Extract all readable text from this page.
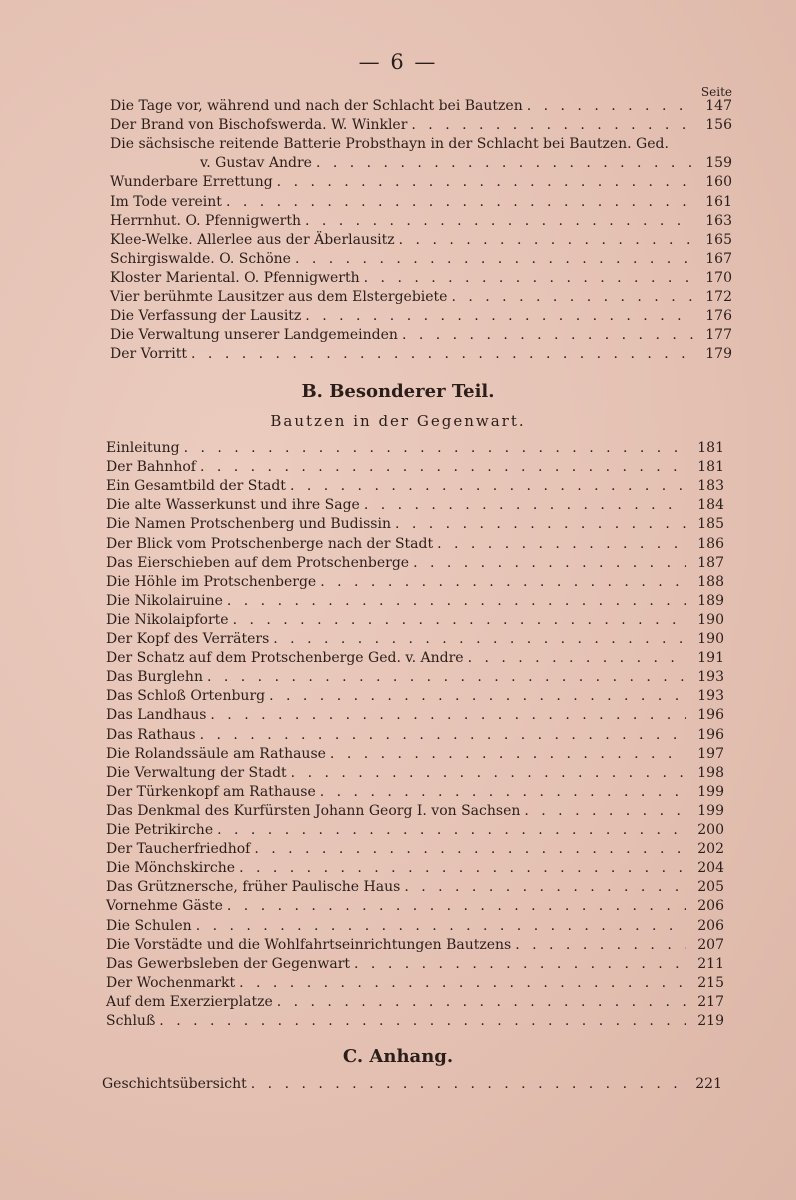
— 6 —
Seite
Die Tage vor, während und nach der Schlacht bei Bautzen . . .	147
Der Brand von Bischofswerda. W. Winkler . . .	156
Die sächsische reitende Batterie Probsthayn in der Schlacht bei Bautzen. Ged.
v. Gustav Andre . . .	159
Wunderbare Errettung . . .	160
Im Tode vereint . . .	161
Herrnhut. O. Pfennigwerth . . .	163
Klee-Welke. Allerlee aus der Äberlausitz . . .	165
Schirgiswalde. O. Schöne . . .	167
Kloster Mariental. O. Pfennigwerth . . .	170
Vier berühmte Lausitzer aus dem Elstergebiete . . .	172
Die Verfassung der Lausitz . . .	176
Die Verwaltung unserer Landgemeinden . . .	177
Der Vorritt . . .	179
B. Besonderer Teil.
Bautzen in der Gegenwart.
Einleitung . . .	181
Der Bahnhof . . .	181
Ein Gesamtbild der Stadt . . .	183
Die alte Wasserkunst und ihre Sage . . .	184
Die Namen Protschenberg und Budissin . . .	185
Der Blick vom Protschenberge nach der Stadt . . .	186
Das Eierschieben auf dem Protschenberge . . .	187
Die Höhle im Protschenberge . . .	188
Die Nikolairuine . . .	189
Die Nikolaipforte . . .	190
Der Kopf des Verräters . . .	190
Der Schatz auf dem Protschenberge Ged. v. Andre . . .	191
Das Burglehn . . .	193
Das Schloß Ortenburg . . .	193
Das Landhaus . . .	196
Das Rathaus . . .	196
Die Rolandssäule am Rathause . . .	197
Die Verwaltung der Stadt . . .	198
Der Türkenkopf am Rathause . . .	199
Das Denkmal des Kurfürsten Johann Georg I. von Sachsen . . .	199
Die Petrikirche . . .	200
Der Taucherfriedhof . . .	202
Die Mönchskirche . . .	204
Das Grütznersche, früher Paulische Haus . . .	205
Vornehme Gäste . . .	206
Die Schulen . . .	206
Die Vorstädte und die Wohlfahrtseinrichtungen Bautzens . . .	207
Das Gewerbsleben der Gegenwart . . .	211
Der Wochenmarkt . . .	215
Auf dem Exerzierplatze . . .	217
Schluß . . .	219
C. Anhang.
Geschichtsübersicht . . .	221
